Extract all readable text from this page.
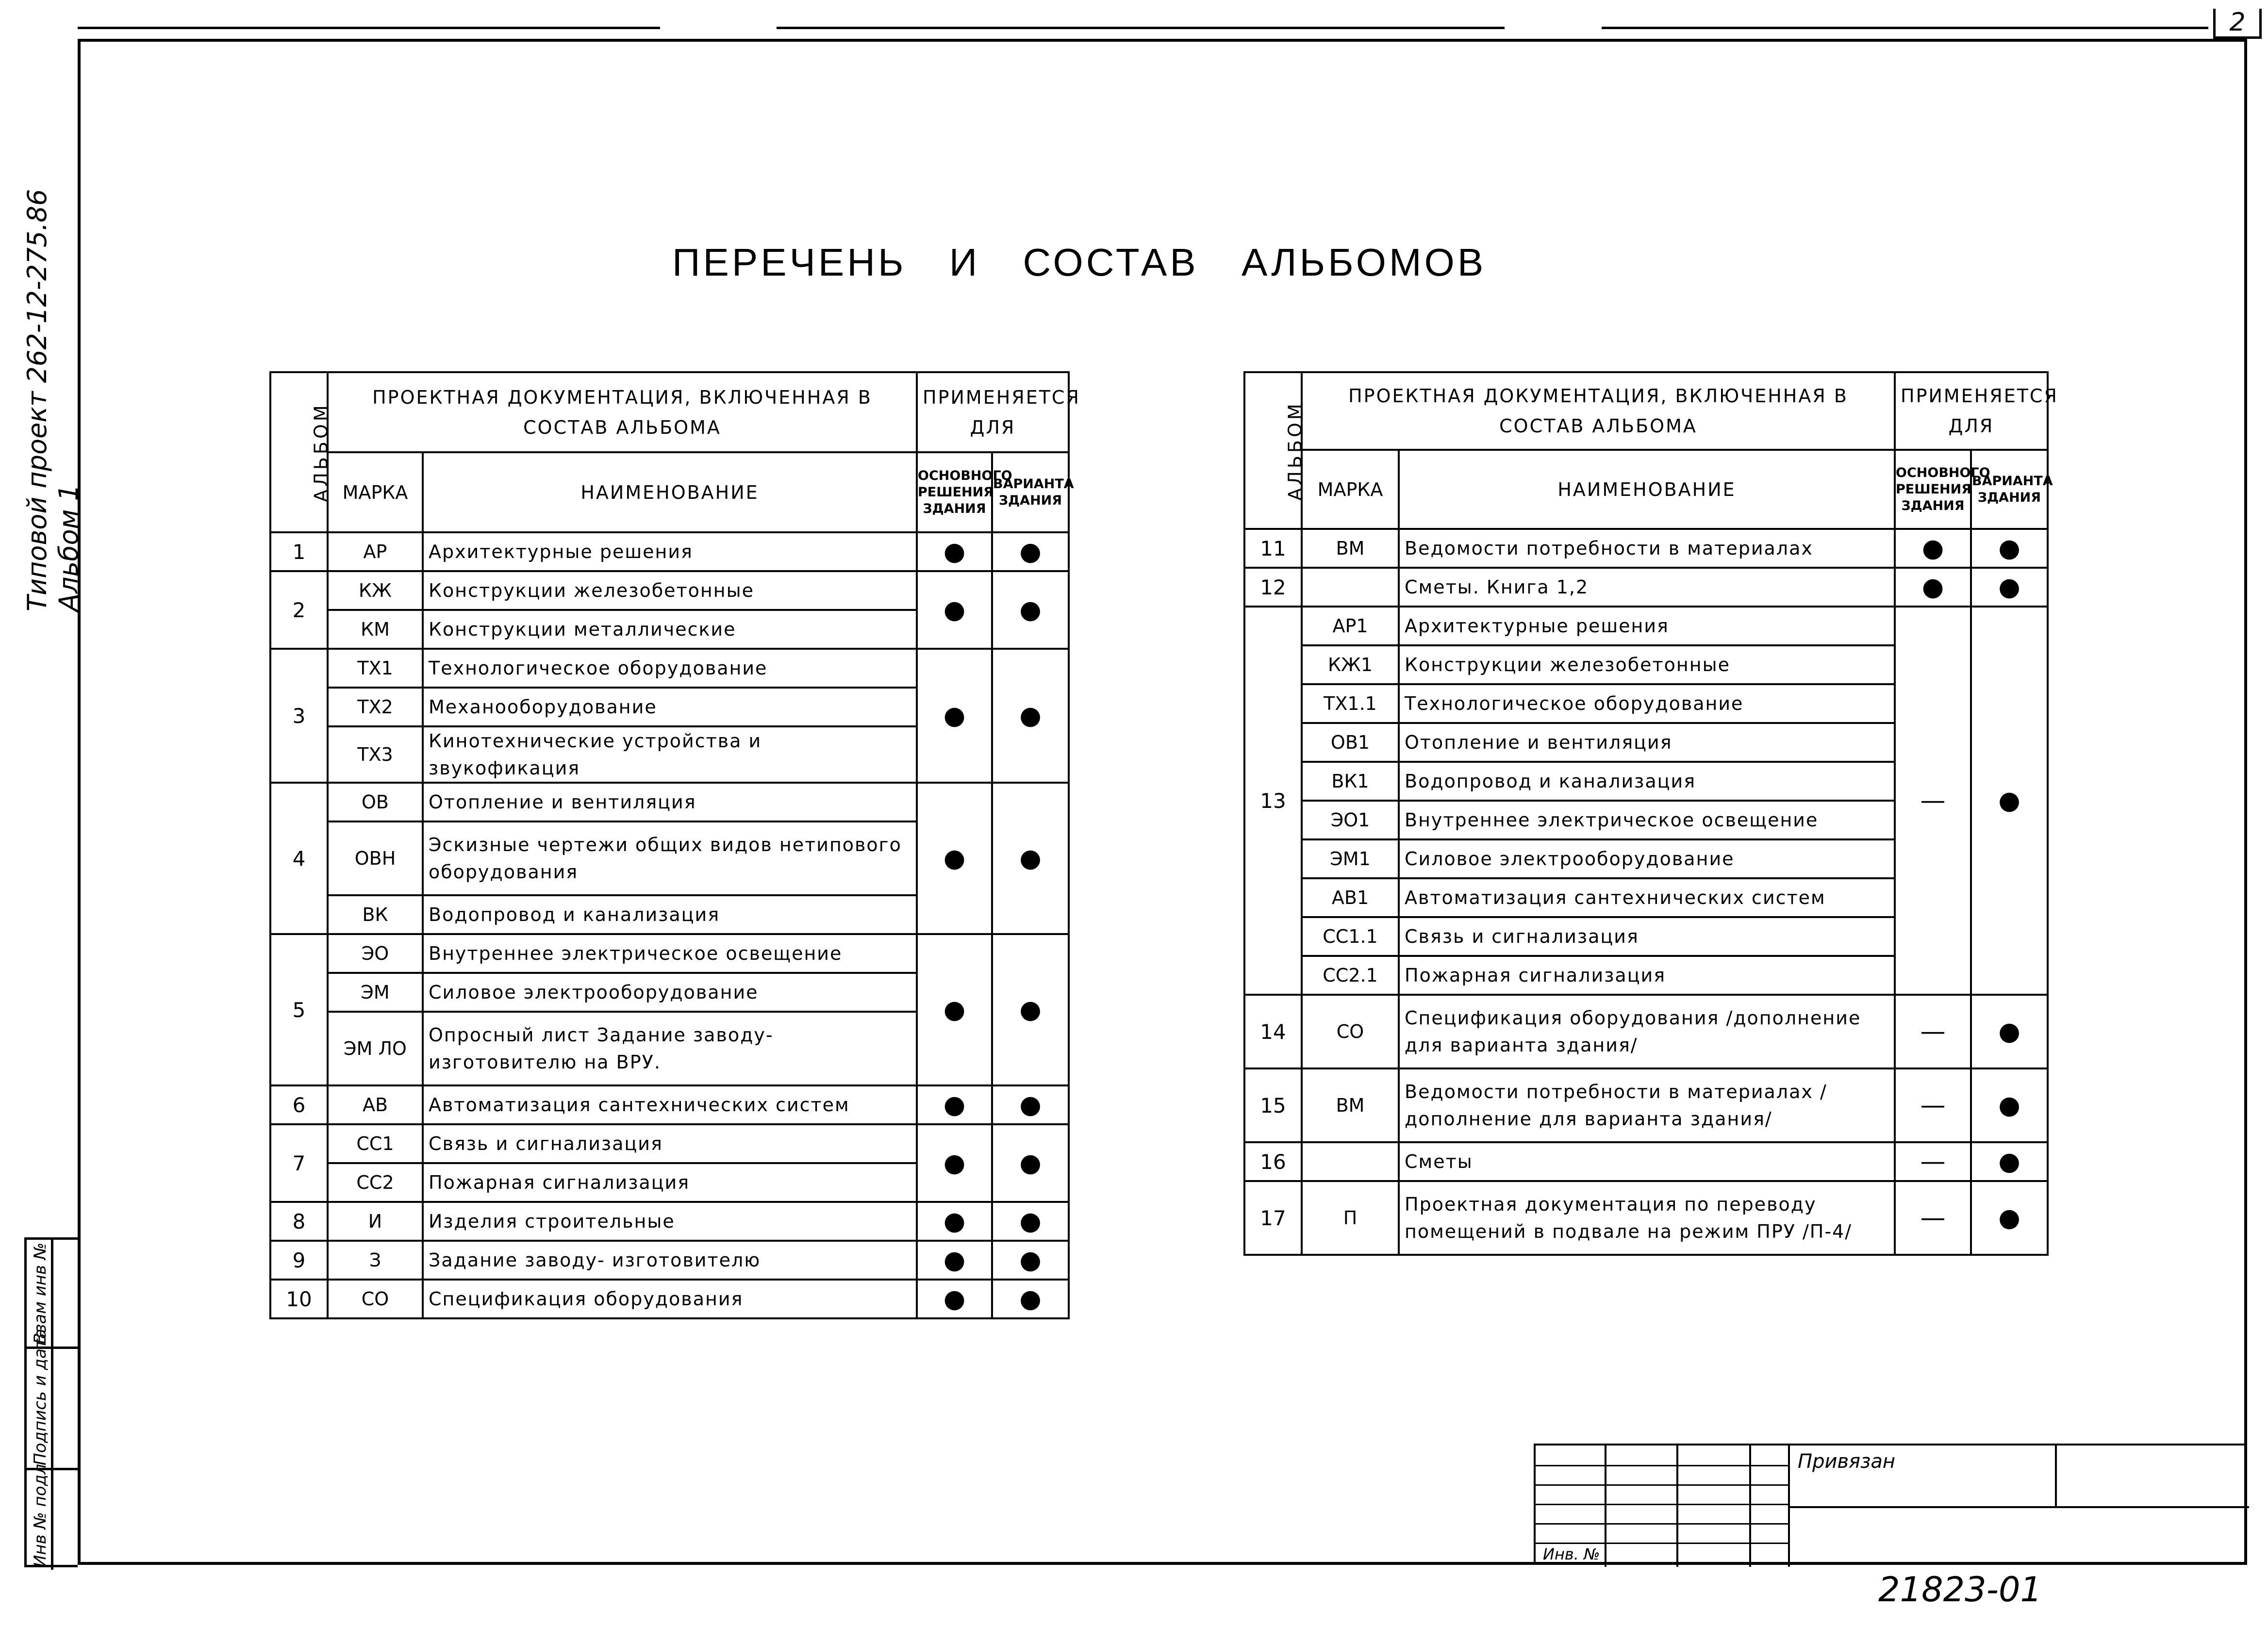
2
ПЕРЕЧЕНЬ И СОСТАВ АЛЬБОМОВ
Типовой проект 262-12-275.86 Альбом 1
АЛЬБОМ	ПРОЕКТНАЯ ДОКУМЕНТАЦИЯ, ВКЛЮЧЕННАЯ В СОСТАВ АЛЬБОМА		ПРИМЕНЯЕТСЯ ДЛЯ	
	МАРКА	НАИМЕНОВАНИЕ	ОСНОВНОГО РЕШЕНИЯ ЗДАНИЯ	ВАРИАНТА ЗДАНИЯ
1	АР	Архитектурные решения	●	●
2	КЖ	Конструкции железобетонные	●	●
	КМ	Конструкции металлические		
3	ТХ1	Технологическое оборудование	●	●
	ТХ2	Механооборудование		
	ТХ3	Кинотехнические устройства и звукофикация		
4	ОВ	Отопление и вентиляция	●	●
	ОВН	Эскизные чертежи общих видов нетипового оборудования		
	ВК	Водопровод и канализация		
5	ЭО	Внутреннее электрическое освещение	●	●
	ЭМ	Силовое электрооборудование		
	ЭМ ЛО	Опросный лист Задание заводу-изготовителю на ВРУ.		
6	АВ	Автоматизация сантехнических систем	●	●
7	СС1	Связь и сигнализация	●	●
	СС2	Пожарная сигнализация		
8	И	Изделия строительные	●	●
9	З	Задание заводу- изготовителю	●	●
10	СО	Спецификация оборудования	●	●
АЛЬБОМ	ПРОЕКТНАЯ ДОКУМЕНТАЦИЯ, ВКЛЮЧЕННАЯ В СОСТАВ АЛЬБОМА		ПРИМЕНЯЕТСЯ ДЛЯ	
	МАРКА	НАИМЕНОВАНИЕ	ОСНОВНОГО РЕШЕНИЯ ЗДАНИЯ	ВАРИАНТА ЗДАНИЯ
11	ВМ	Ведомости потребности в материалах	●	●
12		Сметы. Книга 1,2	●	●
13	АР1	Архитектурные решения	—	●
	КЖ1	Конструкции железобетонные		
	ТХ1.1	Технологическое оборудование		
	ОВ1	Отопление и вентиляция		
	ВК1	Водопровод и канализация		
	ЭО1	Внутреннее электрическое освещение		
	ЭМ1	Силовое электрооборудование		
	АВ1	Автоматизация сантехнических систем		
	СС1.1	Связь и сигнализация		
	СС2.1	Пожарная сигнализация		
14	СО	Спецификация оборудования /дополнение для варианта здания/	—	●
15	ВМ	Ведомости потребности в материалах /дополнение для варианта здания/	—	●
16		Сметы	—	●
17	П	Проектная документация по переводу помещений в подвале на режим ПРУ /П-4/	—	●
Взам инв №
Подпись и дата
Инв № подл
Привязан
Инв. №
21823-01
